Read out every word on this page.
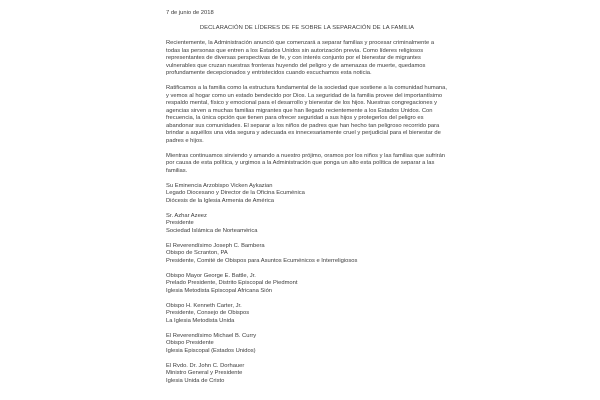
7 de junio de 2018
DECLARACIÓN DE LÍDERES DE FE SOBRE LA SEPARACIÓN DE LA FAMILIA

Recientemente, la Administración anunció que comenzará a separar familias y procesar criminalmente a todas las personas que entren a los Estados Unidos sin autorización previa. Como líderes religiosos representantes de diversas perspectivas de fe, y con interés conjunto por el bienestar de migrantes vulnerables que cruzan nuestras fronteras huyendo del peligro y de amenazas de muerte, quedamos profundamente decepcionados y entristecidos cuando escuchamos esta noticia.

Ratificamos a la familia como la estructura fundamental de la sociedad que sostiene a la comunidad humana, y vemos al hogar como un estado bendecido por Dios. La seguridad de la familia provee del importantísimo respaldo mental, físico y emocional para el desarrollo y bienestar de los hijos. Nuestras congregaciones y agencias sirven a muchas familias migrantes que han llegado recientemente a los Estados Unidos. Con frecuencia, la única opción que tienen para ofrecer seguridad a sus hijos y protegerlos del peligro es abandonar sus comunidades. El separar a los niños de padres que han hecho tan peligroso recorrido para brindar a aquéllos una vida segura y adecuada es innecesariamente cruel y perjudicial para el bienestar de padres e hijos.

Mientras continuamos sirviendo y amando a nuestro prójimo, oramos por los niños y las familias que sufrirán por causa de esta política, y urgimos a la Administración que ponga un alto esta política de separar a las familias.

Su Eminencia Arzobispo Vicken Aykazian
Legado Diocesano y Director de la Oficina Ecuménica
Diócesis de la Iglesia Armenia de América
Sr. Azhar Azeez
Presidente
Sociedad Islámica de Norteamérica
El Reverendísimo Joseph C. Bambera
Obispo de Scranton, PA
Presidente, Comité de Obispos para Asuntos Ecuménicos e Interreligiosos
Obispo Mayor George E. Battle, Jr.
Prelado Presidente, Distrito Episcopal de Piedmont
Iglesia Metodista Episcopal Africana Sión
Obispo H. Kenneth Carter, Jr.
Presidente, Consejo de Obispos
La Iglesia Metodista Unida
El Reverendísimo Michael B. Curry
Obispo Presidente
Iglesia Episcopal (Estados Unidos)
El Rvdo. Dr. John C. Dorhauer
Ministro General y Presidente
Iglesia Unida de Cristo
